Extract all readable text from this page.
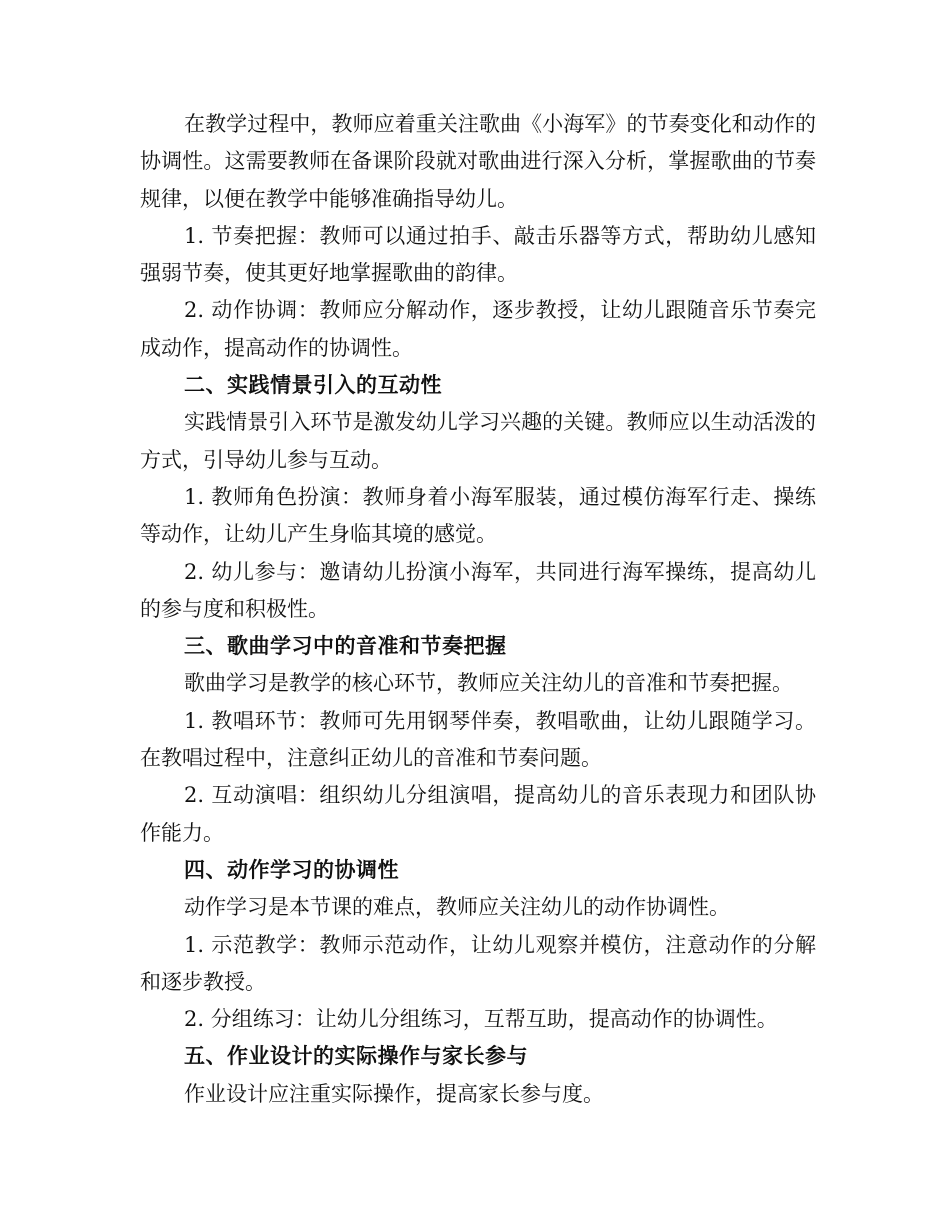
在教学过程中，教师应着重关注歌曲《小海军》的节奏变化和动作的协调性。这需要教师在备课阶段就对歌曲进行深入分析，掌握歌曲的节奏规律，以便在教学中能够准确指导幼儿。

1. 节奏把握：教师可以通过拍手、敲击乐器等方式，帮助幼儿感知强弱节奏，使其更好地掌握歌曲的韵律。

2. 动作协调：教师应分解动作，逐步教授，让幼儿跟随音乐节奏完成动作，提高动作的协调性。

二、实践情景引入的互动性

实践情景引入环节是激发幼儿学习兴趣的关键。教师应以生动活泼的方式，引导幼儿参与互动。

1. 教师角色扮演：教师身着小海军服装，通过模仿海军行走、操练等动作，让幼儿产生身临其境的感觉。

2. 幼儿参与：邀请幼儿扮演小海军，共同进行海军操练，提高幼儿的参与度和积极性。

三、歌曲学习中的音准和节奏把握

歌曲学习是教学的核心环节，教师应关注幼儿的音准和节奏把握。

1. 教唱环节：教师可先用钢琴伴奏，教唱歌曲，让幼儿跟随学习。在教唱过程中，注意纠正幼儿的音准和节奏问题。

2. 互动演唱：组织幼儿分组演唱，提高幼儿的音乐表现力和团队协作能力。

四、动作学习的协调性

动作学习是本节课的难点，教师应关注幼儿的动作协调性。

1. 示范教学：教师示范动作，让幼儿观察并模仿，注意动作的分解和逐步教授。

2. 分组练习：让幼儿分组练习，互帮互助，提高动作的协调性。

五、作业设计的实际操作与家长参与

作业设计应注重实际操作，提高家长参与度。
